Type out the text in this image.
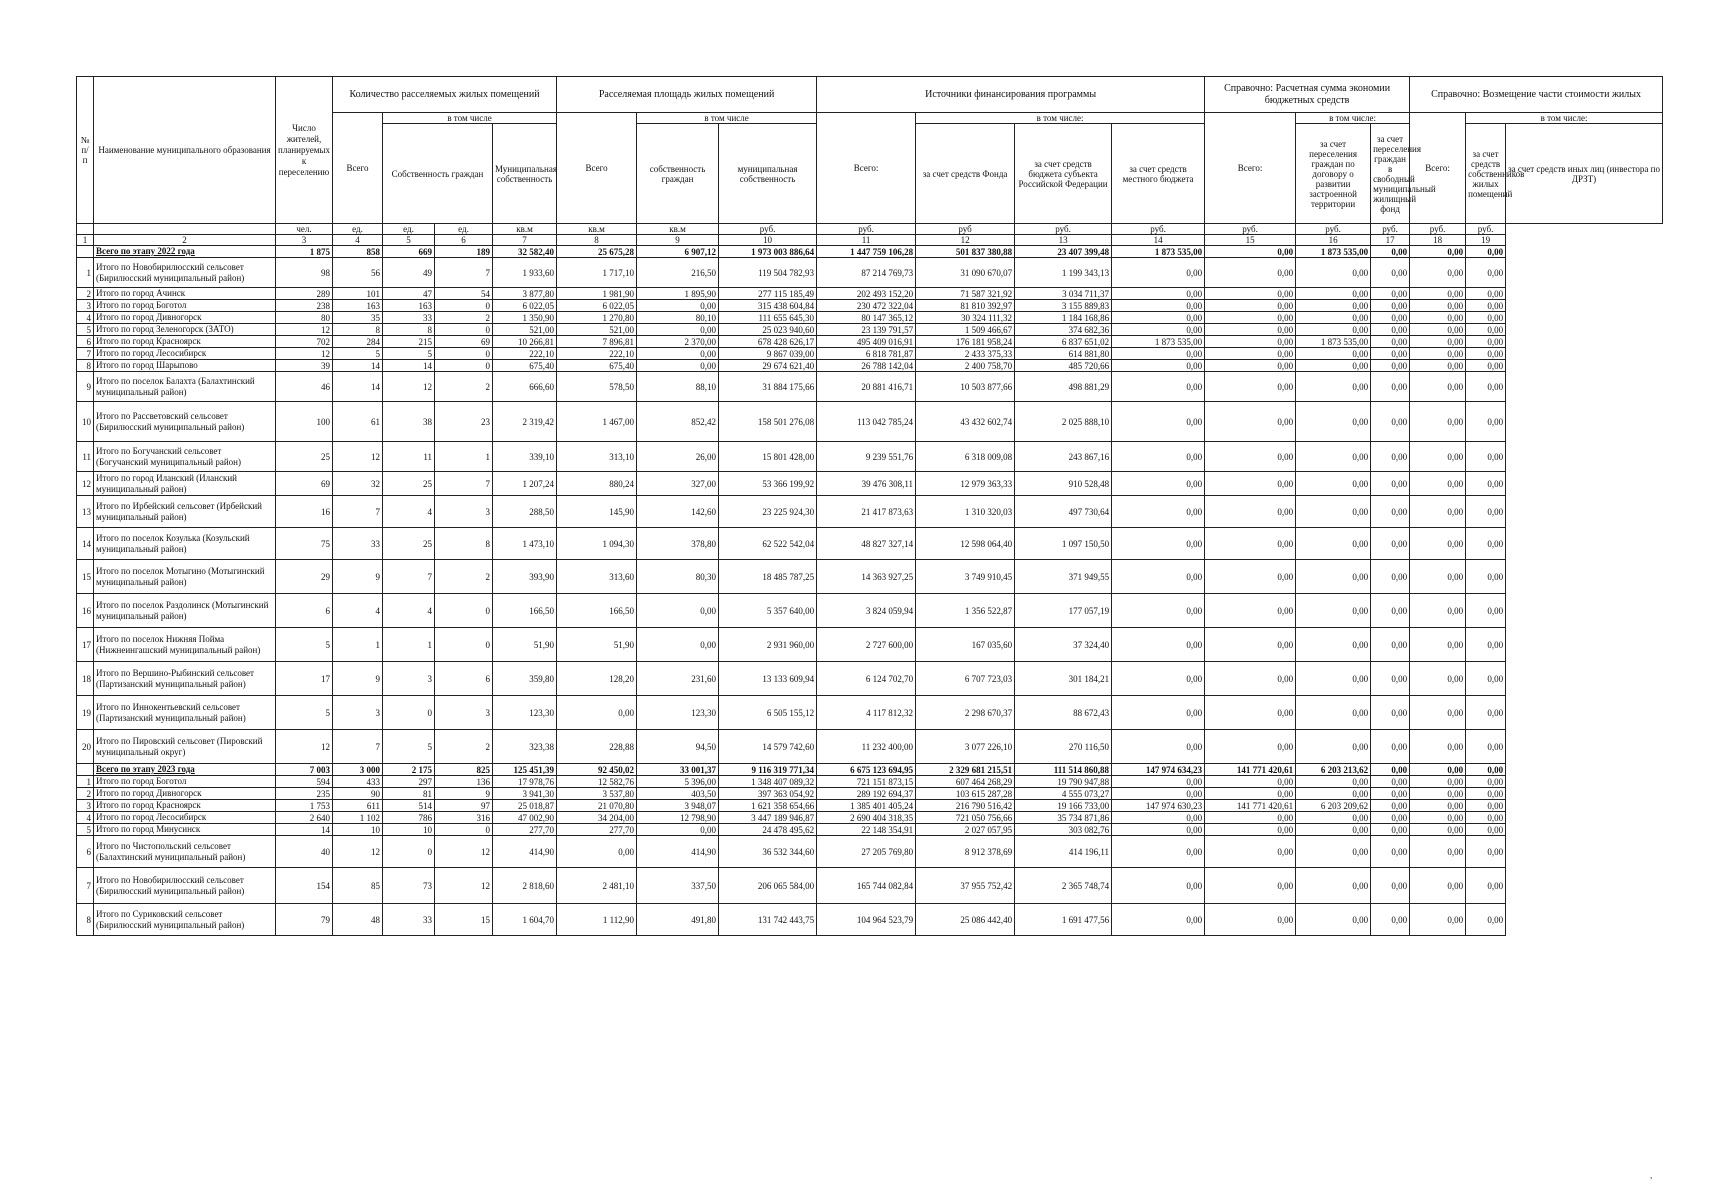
№ п/ п	Наименование муниципального образования	Число жителей, планируемых к переселению	Количество расселяемых жилых помещений				Расселяемая площадь жилых помещений			Источники финансирования программы				Справочно: Расчетная сумма экономии бюджетных средств			Справочно: Возмещение части стоимости жилых		
			Всего	в том числе			Всего	в том числе		Всего:	в том числе:			Всего:	в том числе:		Всего:	в том числе:	
				Собственность граждан		Муниципальная собственность		собственность граждан	муниципальная собственность		за счет средств Фонда	за счет средств бюджета субъекта Российской Федерации	за счет средств местного бюджета		за счет переселения граждан по договору о развитии застроенной территории	за счет переселения граждан в свободный муниципальный жилищный фонд		за счет средств собственников жилых помещений	за счет средств иных лиц (инвестора по ДРЗТ)
		чел.	ед.	ед.	ед.	кв.м	кв.м	кв.м	руб.	руб.	руб	руб.	руб.	руб.	руб.	руб.	руб.	руб.	
1	2	3	4	5	6	7	8	9	10	11	12	13	14	15	16	17	18	19	
	Всего по этапу 2022 года	1 875	858	669	189	32 582,40	25 675,28	6 907,12	1 973 003 886,64	1 447 759 106,28	501 837 380,88	23 407 399,48	1 873 535,00	0,00	1 873 535,00	0,00	0,00	0,00	
1	Итого по Новобирилюсский сельсовет (Бирилюсский муниципальный район)	98	56	49	7	1 933,60	1 717,10	216,50	119 504 782,93	87 214 769,73	31 090 670,07	1 199 343,13	0,00	0,00	0,00	0,00	0,00	0,00	
2	Итого по город Ачинск	289	101	47	54	3 877,80	1 981,90	1 895,90	277 115 185,49	202 493 152,20	71 587 321,92	3 034 711,37	0,00	0,00	0,00	0,00	0,00	0,00	
3	Итого по город Боготол	238	163	163	0	6 022,05	6 022,05	0,00	315 438 604,84	230 472 322,04	81 810 392,97	3 155 889,83	0,00	0,00	0,00	0,00	0,00	0,00	
4	Итого по город Дивногорск	80	35	33	2	1 350,90	1 270,80	80,10	111 655 645,30	80 147 365,12	30 324 111,32	1 184 168,86	0,00	0,00	0,00	0,00	0,00	0,00	
5	Итого по город Зеленогорск (ЗАТО)	12	8	8	0	521,00	521,00	0,00	25 023 940,60	23 139 791,57	1 509 466,67	374 682,36	0,00	0,00	0,00	0,00	0,00	0,00	
6	Итого по город Красноярск	702	284	215	69	10 266,81	7 896,81	2 370,00	678 428 626,17	495 409 016,91	176 181 958,24	6 837 651,02	1 873 535,00	0,00	1 873 535,00	0,00	0,00	0,00	
7	Итого по город Лесосибирск	12	5	5	0	222,10	222,10	0,00	9 867 039,00	6 818 781,87	2 433 375,33	614 881,80	0,00	0,00	0,00	0,00	0,00	0,00	
8	Итого по город Шарыпово	39	14	14	0	675,40	675,40	0,00	29 674 621,40	26 788 142,04	2 400 758,70	485 720,66	0,00	0,00	0,00	0,00	0,00	0,00	
9	Итого по поселок Балахта (Балахтинский муниципальный район)	46	14	12	2	666,60	578,50	88,10	31 884 175,66	20 881 416,71	10 503 877,66	498 881,29	0,00	0,00	0,00	0,00	0,00	0,00	
10	Итого по Рассветовский сельсовет (Бирилюсский муниципальный район)	100	61	38	23	2 319,42	1 467,00	852,42	158 501 276,08	113 042 785,24	43 432 602,74	2 025 888,10	0,00	0,00	0,00	0,00	0,00	0,00	
11	Итого по Богучанский сельсовет (Богучанский муниципальный район)	25	12	11	1	339,10	313,10	26,00	15 801 428,00	9 239 551,76	6 318 009,08	243 867,16	0,00	0,00	0,00	0,00	0,00	0,00	
12	Итого по город Иланский (Иланский муниципальный район)	69	32	25	7	1 207,24	880,24	327,00	53 366 199,92	39 476 308,11	12 979 363,33	910 528,48	0,00	0,00	0,00	0,00	0,00	0,00	
13	Итого по Ирбейский сельсовет (Ирбейский муниципальный район)	16	7	4	3	288,50	145,90	142,60	23 225 924,30	21 417 873,63	1 310 320,03	497 730,64	0,00	0,00	0,00	0,00	0,00	0,00	
14	Итого по поселок Козулька (Козульский муниципальный район)	75	33	25	8	1 473,10	1 094,30	378,80	62 522 542,04	48 827 327,14	12 598 064,40	1 097 150,50	0,00	0,00	0,00	0,00	0,00	0,00	
15	Итого по поселок Мотыгино (Мотыгинский муниципальный район)	29	9	7	2	393,90	313,60	80,30	18 485 787,25	14 363 927,25	3 749 910,45	371 949,55	0,00	0,00	0,00	0,00	0,00	0,00	
16	Итого по поселок Раздолинск (Мотыгинский муниципальный район)	6	4	4	0	166,50	166,50	0,00	5 357 640,00	3 824 059,94	1 356 522,87	177 057,19	0,00	0,00	0,00	0,00	0,00	0,00	
17	Итого по поселок Нижняя Пойма (Нижнеингашский муниципальный район)	5	1	1	0	51,90	51,90	0,00	2 931 960,00	2 727 600,00	167 035,60	37 324,40	0,00	0,00	0,00	0,00	0,00	0,00	
18	Итого по Вершино-Рыбинский сельсовет (Партизанский муниципальный район)	17	9	3	6	359,80	128,20	231,60	13 133 609,94	6 124 702,70	6 707 723,03	301 184,21	0,00	0,00	0,00	0,00	0,00	0,00	
19	Итого по Иннокентьевский сельсовет (Партизанский муниципальный район)	5	3	0	3	123,30	0,00	123,30	6 505 155,12	4 117 812,32	2 298 670,37	88 672,43	0,00	0,00	0,00	0,00	0,00	0,00	
20	Итого по Пировский сельсовет (Пировский муниципальный округ)	12	7	5	2	323,38	228,88	94,50	14 579 742,60	11 232 400,00	3 077 226,10	270 116,50	0,00	0,00	0,00	0,00	0,00	0,00	
	Всего по этапу 2023 года	7 003	3 000	2 175	825	125 451,39	92 450,02	33 001,37	9 116 319 771,34	6 675 123 694,95	2 329 681 215,51	111 514 860,88	147 974 634,23	141 771 420,61	6 203 213,62	0,00	0,00	0,00	
1	Итого по город Боготол	594	433	297	136	17 978,76	12 582,76	5 396,00	1 348 407 089,32	721 151 873,15	607 464 268,29	19 790 947,88	0,00	0,00	0,00	0,00	0,00	0,00	
2	Итого по город Дивногорск	235	90	81	9	3 941,30	3 537,80	403,50	397 363 054,92	289 192 694,37	103 615 287,28	4 555 073,27	0,00	0,00	0,00	0,00	0,00	0,00	
3	Итого по город Красноярск	1 753	611	514	97	25 018,87	21 070,80	3 948,07	1 621 358 654,66	1 385 401 405,24	216 790 516,42	19 166 733,00	147 974 630,23	141 771 420,61	6 203 209,62	0,00	0,00	0,00	
4	Итого по город Лесосибирск	2 640	1 102	786	316	47 002,90	34 204,00	12 798,90	3 447 189 946,87	2 690 404 318,35	721 050 756,66	35 734 871,86	0,00	0,00	0,00	0,00	0,00	0,00	
5	Итого по город Минусинск	14	10	10	0	277,70	277,70	0,00	24 478 495,62	22 148 354,91	2 027 057,95	303 082,76	0,00	0,00	0,00	0,00	0,00	0,00	
6	Итого по Чистопольский сельсовет (Балахтинский муниципальный район)	40	12	0	12	414,90	0,00	414,90	36 532 344,60	27 205 769,80	8 912 378,69	414 196,11	0,00	0,00	0,00	0,00	0,00	0,00	
7	Итого по Новобирилюсский сельсовет (Бирилюсский муниципальный район)	154	85	73	12	2 818,60	2 481,10	337,50	206 065 584,00	165 744 082,84	37 955 752,42	2 365 748,74	0,00	0,00	0,00	0,00	0,00	0,00	
8	Итого по Суриковский сельсовет (Бирилюсский муниципальный район)	79	48	33	15	1 604,70	1 112,90	491,80	131 742 443,75	104 964 523,79	25 086 442,40	1 691 477,56	0,00	0,00	0,00	0,00	0,00	0,00	
,
